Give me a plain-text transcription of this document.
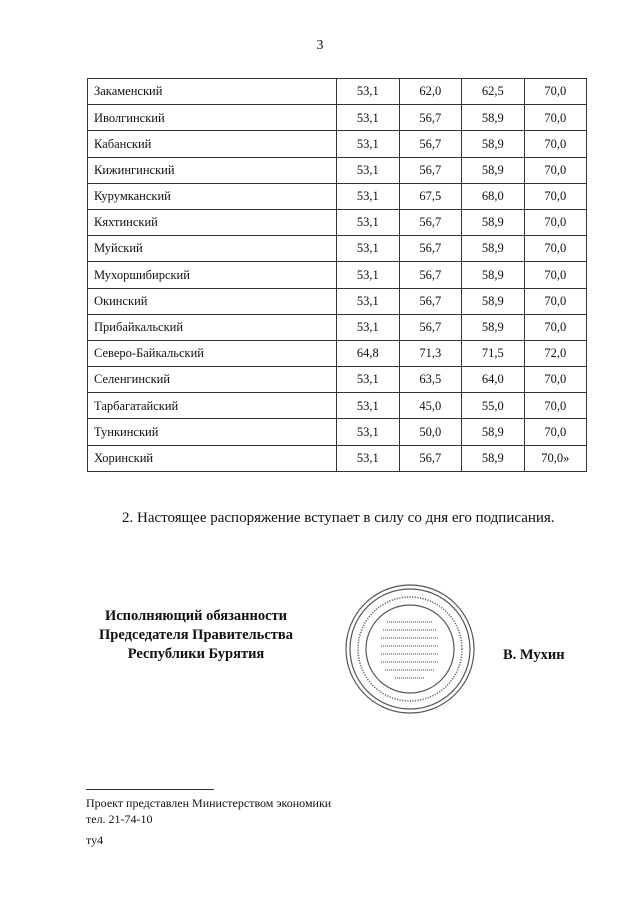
3
Закаменский	53,1	62,0	62,5	70,0
Иволгинский	53,1	56,7	58,9	70,0
Кабанский	53,1	56,7	58,9	70,0
Кижингинский	53,1	56,7	58,9	70,0
Курумканский	53,1	67,5	68,0	70,0
Кяхтинский	53,1	56,7	58,9	70,0
Муйский	53,1	56,7	58,9	70,0
Мухоршибирский	53,1	56,7	58,9	70,0
Окинский	53,1	56,7	58,9	70,0
Прибайкальский	53,1	56,7	58,9	70,0
Северо-Байкальский	64,8	71,3	71,5	72,0
Селенгинский	53,1	63,5	64,0	70,0
Тарбагатайский	53,1	45,0	55,0	70,0
Тункинский	53,1	50,0	58,9	70,0
Хоринский	53,1	56,7	58,9	70,0»
2. Настоящее распоряжение вступает в силу со дня его подписания.
Исполняющий обязанности
Председателя Правительства
Республики Бурятия	В. Мухин
Проект представлен Министерством экономики
тел. 21-74-10
ту4
